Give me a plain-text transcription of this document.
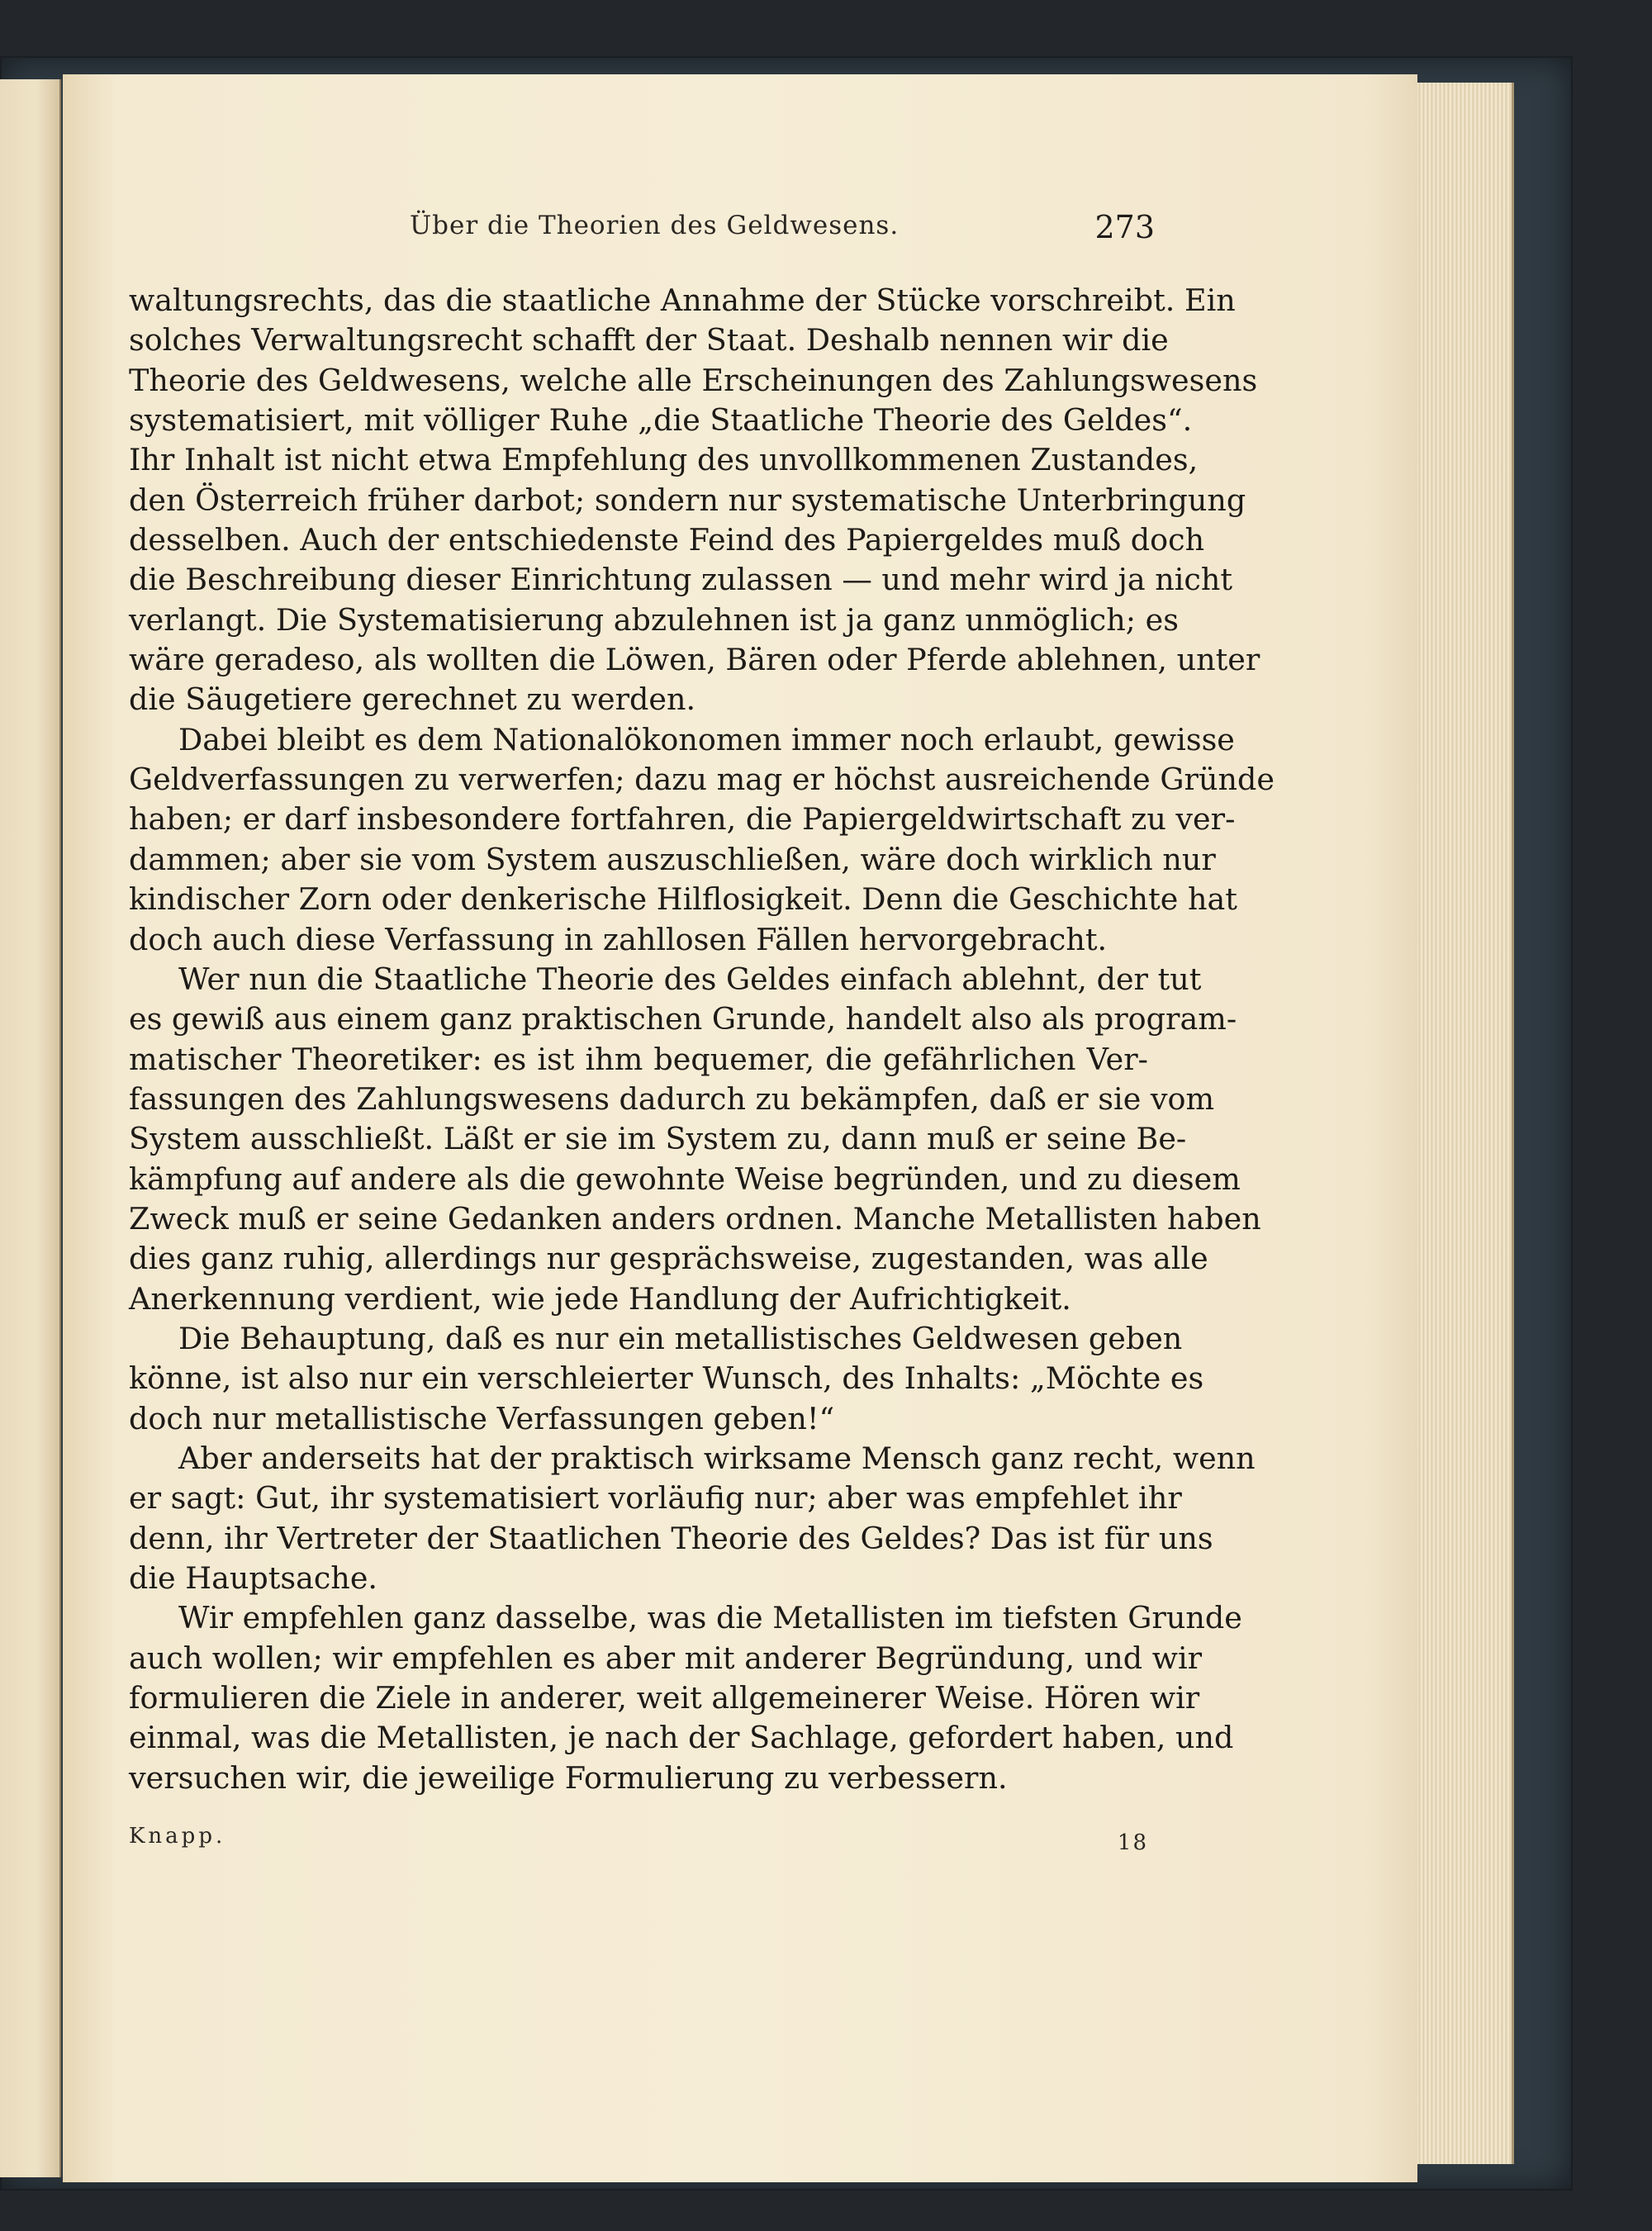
Über die Theorien des Geldwesens.	273
waltungsrechts, das die staatliche Annahme der Stücke vorschreibt. Ein
solches Verwaltungsrecht schafft der Staat. Deshalb nennen wir die
Theorie des Geldwesens, welche alle Erscheinungen des Zahlungswesens
systematisiert, mit völliger Ruhe „die Staatliche Theorie des Geldes“.
Ihr Inhalt ist nicht etwa Empfehlung des unvollkommenen Zustandes,
den Österreich früher darbot; sondern nur systematische Unterbringung
desselben. Auch der entschiedenste Feind des Papiergeldes muß doch
die Beschreibung dieser Einrichtung zulassen — und mehr wird ja nicht
verlangt. Die Systematisierung abzulehnen ist ja ganz unmöglich; es
wäre geradeso, als wollten die Löwen, Bären oder Pferde ablehnen, unter
die Säugetiere gerechnet zu werden.
Dabei bleibt es dem Nationalökonomen immer noch erlaubt, gewisse
Geldverfassungen zu verwerfen; dazu mag er höchst ausreichende Gründe
haben; er darf insbesondere fortfahren, die Papiergeldwirtschaft zu ver-
dammen; aber sie vom System auszuschließen, wäre doch wirklich nur
kindischer Zorn oder denkerische Hilflosigkeit. Denn die Geschichte hat
doch auch diese Verfassung in zahllosen Fällen hervorgebracht.
Wer nun die Staatliche Theorie des Geldes einfach ablehnt, der tut
es gewiß aus einem ganz praktischen Grunde, handelt also als program-
matischer Theoretiker: es ist ihm bequemer, die gefährlichen Ver-
fassungen des Zahlungswesens dadurch zu bekämpfen, daß er sie vom
System ausschließt. Läßt er sie im System zu, dann muß er seine Be-
kämpfung auf andere als die gewohnte Weise begründen, und zu diesem
Zweck muß er seine Gedanken anders ordnen. Manche Metallisten haben
dies ganz ruhig, allerdings nur gesprächsweise, zugestanden, was alle
Anerkennung verdient, wie jede Handlung der Aufrichtigkeit.
Die Behauptung, daß es nur ein metallistisches Geldwesen geben
könne, ist also nur ein verschleierter Wunsch, des Inhalts: „Möchte es
doch nur metallistische Verfassungen geben!“
Aber anderseits hat der praktisch wirksame Mensch ganz recht, wenn
er sagt: Gut, ihr systematisiert vorläufig nur; aber was empfehlet ihr
denn, ihr Vertreter der Staatlichen Theorie des Geldes? Das ist für uns
die Hauptsache.
Wir empfehlen ganz dasselbe, was die Metallisten im tiefsten Grunde
auch wollen; wir empfehlen es aber mit anderer Begründung, und wir
formulieren die Ziele in anderer, weit allgemeinerer Weise. Hören wir
einmal, was die Metallisten, je nach der Sachlage, gefordert haben, und
versuchen wir, die jeweilige Formulierung zu verbessern.
Knapp.	18
